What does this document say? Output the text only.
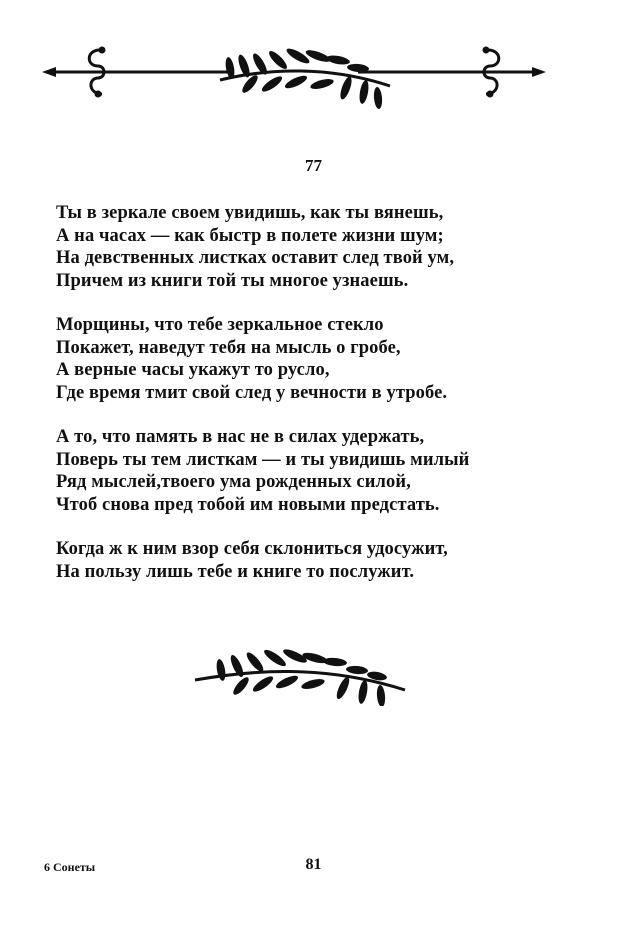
77
Ты в зеркале своем увидишь, как ты вянешь,
А на часах — как быстр в полете жизни шум;
На девственных листках оставит след твой ум,
Причем из книги той ты многое узнаешь.
Морщины, что тебе зеркальное стекло
Покажет, наведут тебя на мысль о гробе,
А верные часы укажут то русло,
Где время тмит свой след у вечности в утробе.
А то, что память в нас не в силах удержать,
Поверь ты тем листкам — и ты увидишь милый
Ряд мыслей,твоего ума рожденных силой,
Чтоб снова пред тобой им новыми предстать.
Когда ж к ним взор себя склониться удосужит,
На пользу лишь тебе и книге то послужит.
6 Сонеты	81
